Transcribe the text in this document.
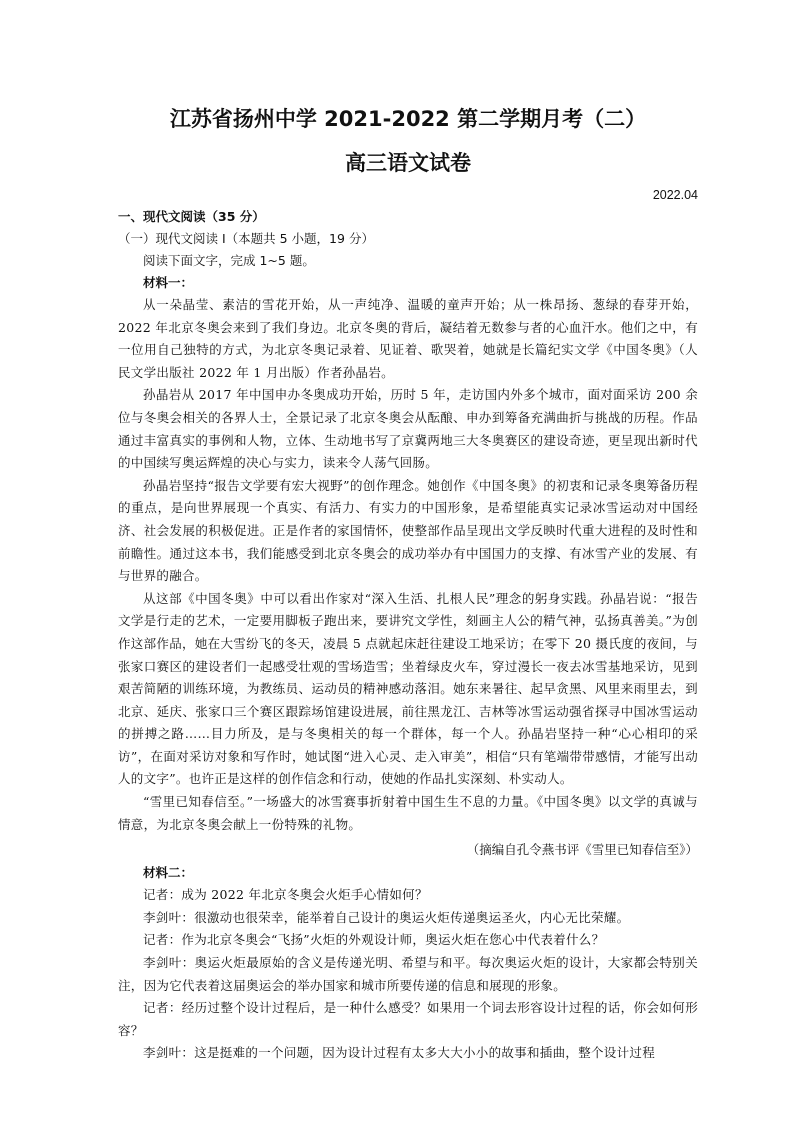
江苏省扬州中学 2021-2022 第二学期月考（二）
高三语文试卷
2022.04
一、现代文阅读（35 分）
（一）现代文阅读 I（本题共 5 小题，19 分）
阅读下面文字，完成 1~5 题。
材料一：

从一朵晶莹、素洁的雪花开始，从一声纯净、温暖的童声开始；从一株昂扬、葱绿的春芽开始，2022 年北京冬奥会来到了我们身边。北京冬奥的背后，凝结着无数参与者的心血汗水。他们之中，有一位用自己独特的方式，为北京冬奥记录着、见证着、歌哭着，她就是长篇纪实文学《中国冬奥》（人民文学出版社 2022 年 1 月出版）作者孙晶岩。

孙晶岩从 2017 年中国申办冬奥成功开始，历时 5 年，走访国内外多个城市，面对面采访 200 余位与冬奥会相关的各界人士，全景记录了北京冬奥会从酝酿、申办到筹备充满曲折与挑战的历程。作品通过丰富真实的事例和人物，立体、生动地书写了京冀两地三大冬奥赛区的建设奇迹，更呈现出新时代的中国续写奥运辉煌的决心与实力，读来令人荡气回肠。

孙晶岩坚持“报告文学要有宏大视野”的创作理念。她创作《中国冬奥》的初衷和记录冬奥筹备历程的重点，是向世界展现一个真实、有活力、有实力的中国形象，是希望能真实记录冰雪运动对中国经济、社会发展的积极促进。正是作者的家国情怀，使整部作品呈现出文学反映时代重大进程的及时性和前瞻性。通过这本书，我们能感受到北京冬奥会的成功举办有中国国力的支撑、有冰雪产业的发展、有与世界的融合。

从这部《中国冬奥》中可以看出作家对“深入生活、扎根人民”理念的躬身实践。孙晶岩说：“报告文学是行走的艺术，一定要用脚板子跑出来，要讲究文学性，刻画主人公的精气神，弘扬真善美。”为创作这部作品，她在大雪纷飞的冬天，凌晨 5 点就起床赶往建设工地采访；在零下 20 摄氏度的夜间，与张家口赛区的建设者们一起感受壮观的雪场造雪；坐着绿皮火车，穿过漫长一夜去冰雪基地采访，见到艰苦简陋的训练环境，为教练员、运动员的精神感动落泪。她东来暑往、起早贪黑、风里来雨里去，到北京、延庆、张家口三个赛区跟踪场馆建设进展，前往黑龙江、吉林等冰雪运动强省探寻中国冰雪运动的拼搏之路……目力所及，是与冬奥相关的每一个群体，每一个人。孙晶岩坚持一种“心心相印的采访”，在面对采访对象和写作时，她试图“进入心灵、走入审美”，相信“只有笔端带带感情，才能写出动人的文字”。也许正是这样的创作信念和行动，使她的作品扎实深刻、朴实动人。

“雪里已知春信至。”一场盛大的冰雪赛事折射着中国生生不息的力量。《中国冬奥》以文学的真诚与情意，为北京冬奥会献上一份特殊的礼物。

（摘编自孔令燕书评《雪里已知春信至》）
材料二：

记者：成为 2022 年北京冬奥会火炬手心情如何？

李剑叶：很激动也很荣幸，能举着自己设计的奥运火炬传递奥运圣火，内心无比荣耀。

记者：作为北京冬奥会“飞扬”火炬的外观设计师，奥运火炬在您心中代表着什么？

李剑叶：奥运火炬最原始的含义是传递光明、希望与和平。每次奥运火炬的设计，大家都会特别关注，因为它代表着这届奥运会的举办国家和城市所要传递的信息和展现的形象。

记者：经历过整个设计过程后，是一种什么感受？如果用一个词去形容设计过程的话，你会如何形容？

李剑叶：这是挺难的一个问题，因为设计过程有太多大大小小的故事和插曲，整个设计过程
